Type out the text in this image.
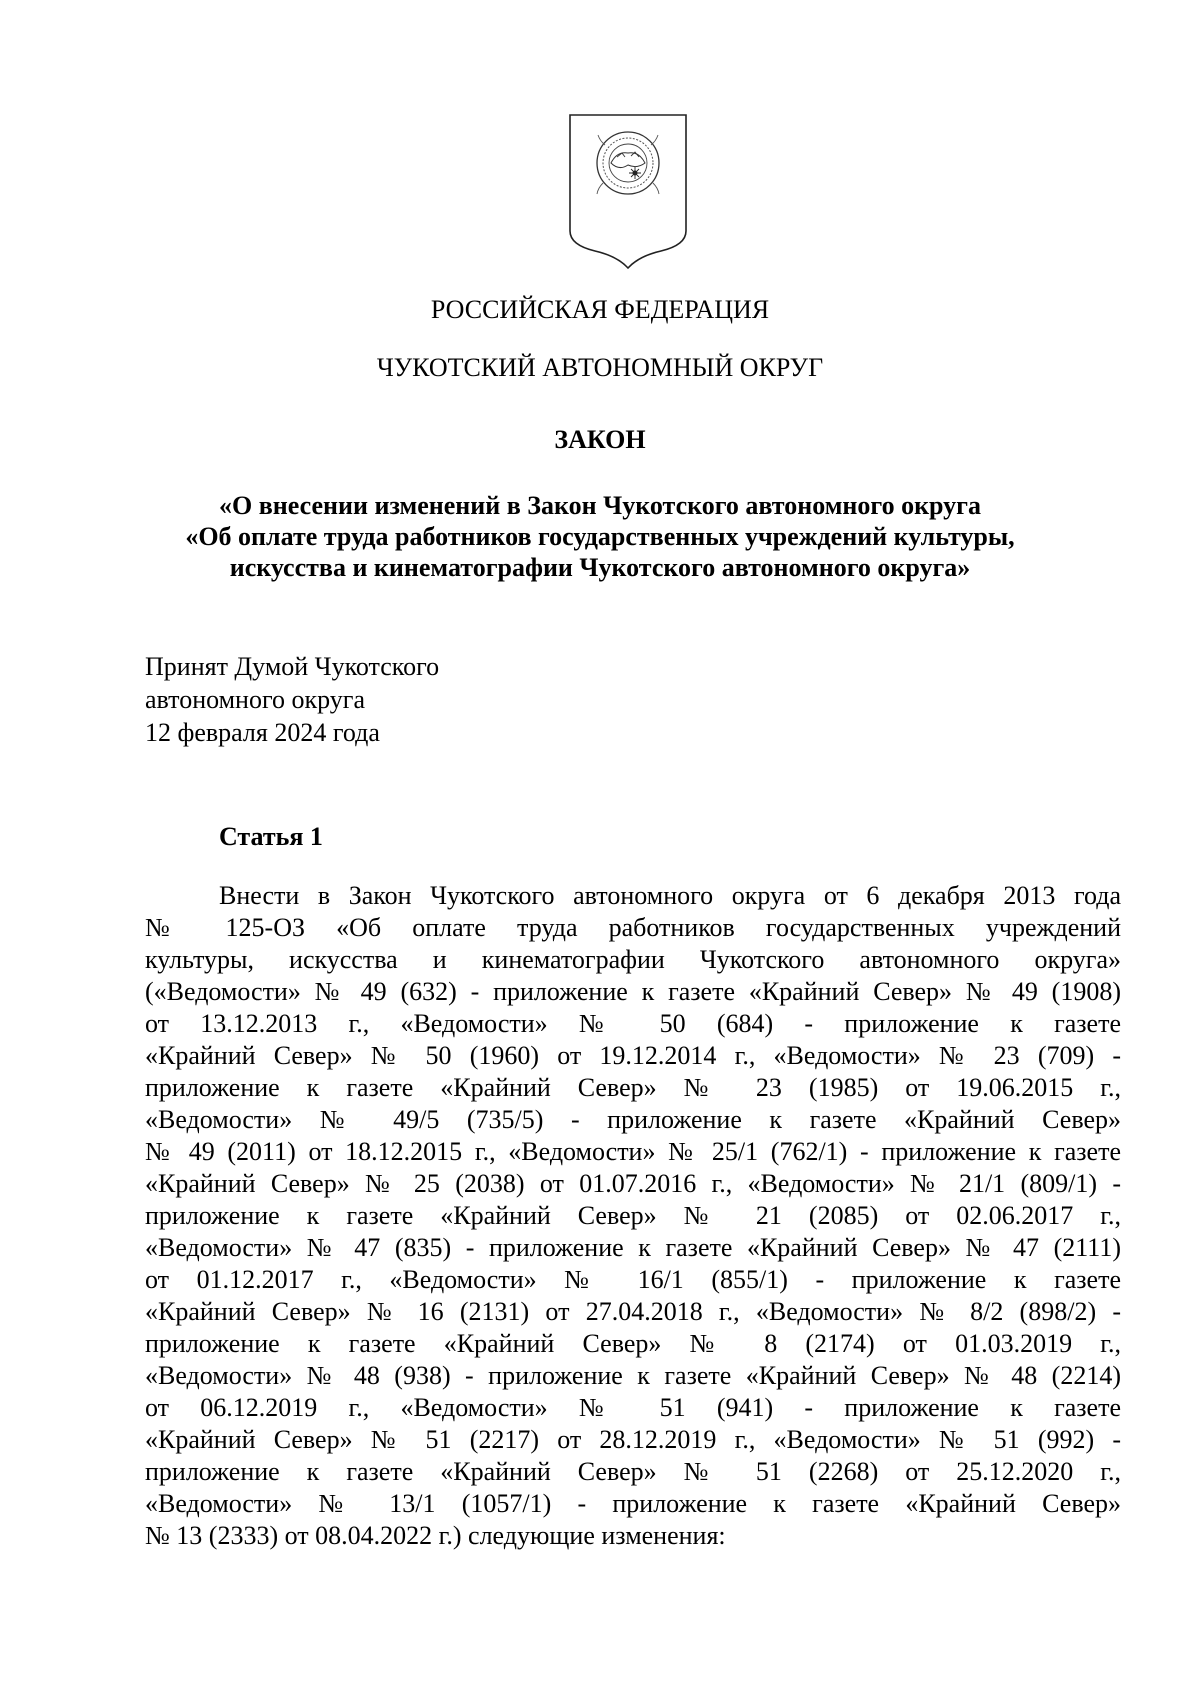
РОССИЙСКАЯ ФЕДЕРАЦИЯ
ЧУКОТСКИЙ АВТОНОМНЫЙ ОКРУГ
ЗАКОН
«О внесении изменений в Закон Чукотского автономного округа
«Об оплате труда работников государственных учреждений культуры,
искусства и кинематографии Чукотского автономного округа»
Принят Думой Чукотского
автономного округа
12 февраля 2024 года
Статья 1
Внести в Закон Чукотского автономного округа от 6 декабря 2013 года
№ 125-ОЗ «Об оплате труда работников государственных учреждений
культуры, искусства и кинематографии Чукотского автономного округа»
(«Ведомости» № 49 (632) - приложение к газете «Крайний Север» № 49 (1908)
от 13.12.2013 г., «Ведомости» № 50 (684) - приложение к газете
«Крайний Север» № 50 (1960) от 19.12.2014 г., «Ведомости» № 23 (709) -
приложение к газете «Крайний Север» № 23 (1985) от 19.06.2015 г.,
«Ведомости» № 49/5 (735/5) - приложение к газете «Крайний Север»
№ 49 (2011) от 18.12.2015 г., «Ведомости» № 25/1 (762/1) - приложение к газете
«Крайний Север» № 25 (2038) от 01.07.2016 г., «Ведомости» № 21/1 (809/1) -
приложение к газете «Крайний Север» № 21 (2085) от 02.06.2017 г.,
«Ведомости» № 47 (835) - приложение к газете «Крайний Север» № 47 (2111)
от 01.12.2017 г., «Ведомости» № 16/1 (855/1) - приложение к газете
«Крайний Север» № 16 (2131) от 27.04.2018 г., «Ведомости» № 8/2 (898/2) -
приложение к газете «Крайний Север» № 8 (2174) от 01.03.2019 г.,
«Ведомости» № 48 (938) - приложение к газете «Крайний Север» № 48 (2214)
от 06.12.2019 г., «Ведомости» № 51 (941) - приложение к газете
«Крайний Север» № 51 (2217) от 28.12.2019 г., «Ведомости» № 51 (992) -
приложение к газете «Крайний Север» № 51 (2268) от 25.12.2020 г.,
«Ведомости» № 13/1 (1057/1) - приложение к газете «Крайний Север»
№ 13 (2333) от 08.04.2022 г.) следующие изменения:
